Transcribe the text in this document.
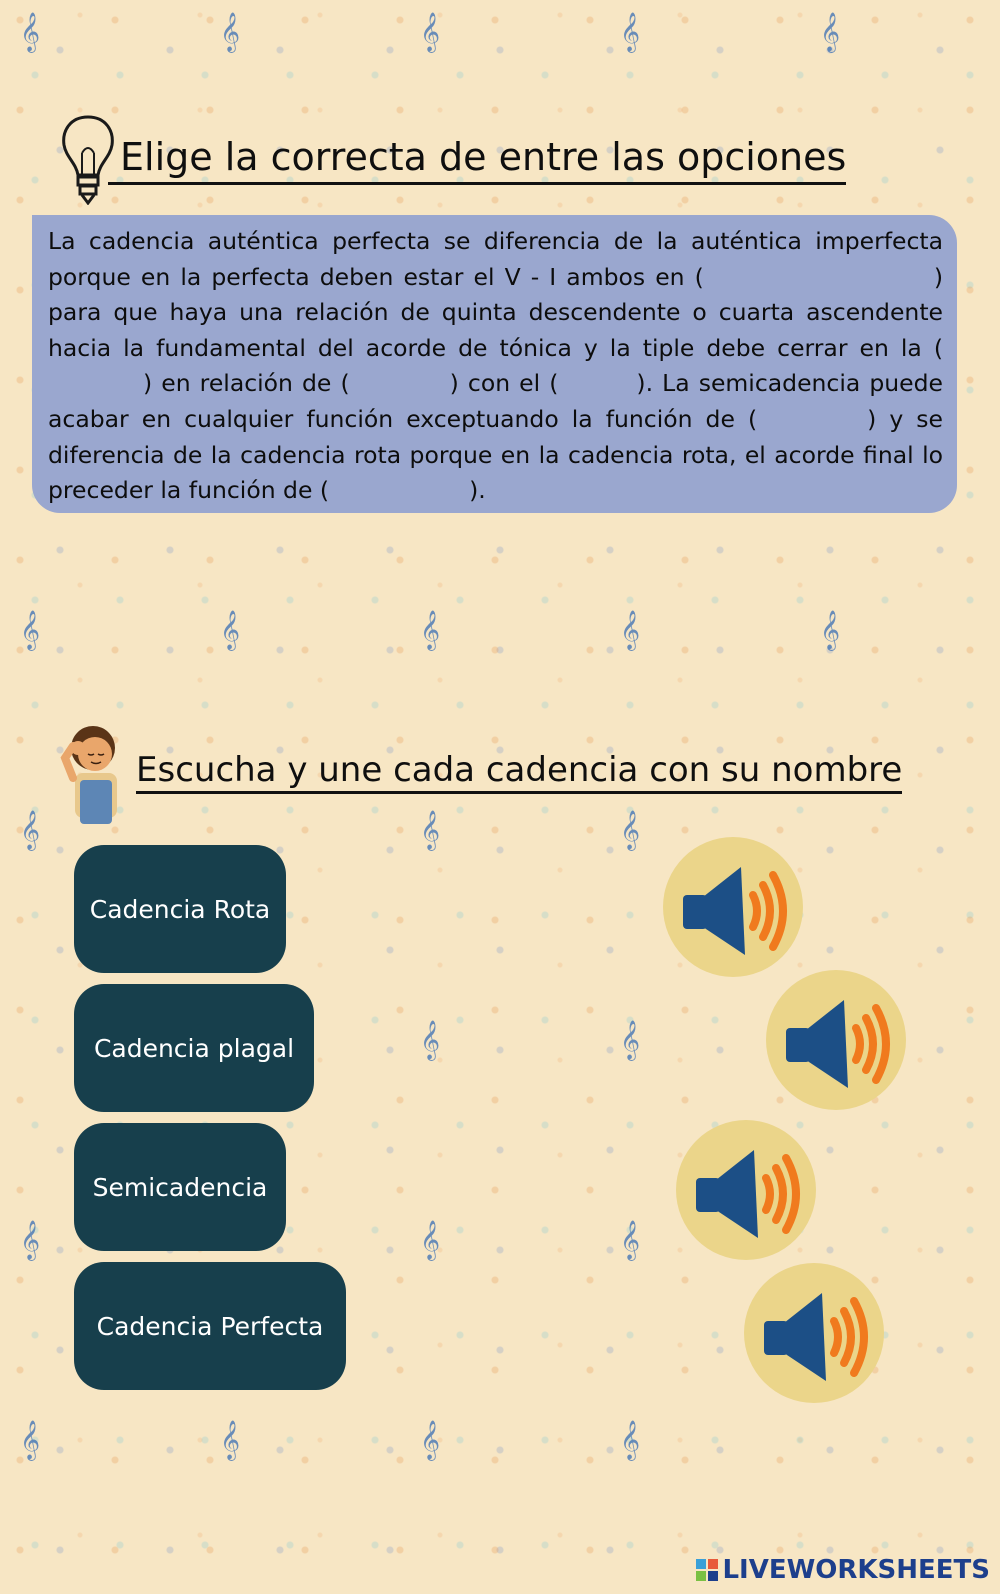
𝄞	𝄞	𝄞	𝄞	𝄞
𝄞	𝄞	𝄞	𝄞	𝄞
𝄞	𝄞	𝄞
𝄞	𝄞
𝄞	𝄞	𝄞
𝄞	𝄞	𝄞	𝄞
Elige la correcta de entre las opciones
La cadencia auténtica perfecta se diferencia de la auténtica imperfecta porque en la perfecta deben estar el V - I ambos en (	) para que haya una relación de quinta descendente o cuarta ascendente hacia la fundamental del acorde de tónica y la tiple debe cerrar en la () en relación de (	) con el (	). La semicadencia puede acabar en cualquier función exceptuando la función de (	) y se diferencia de la cadencia rota porque en la cadencia rota, el acorde final lo preceder la función de (	).
Escucha y une cada cadencia con su nombre
Cadencia Rota
Cadencia plagal
Semicadencia
Cadencia Perfecta
LIVEWORKSHEETS
